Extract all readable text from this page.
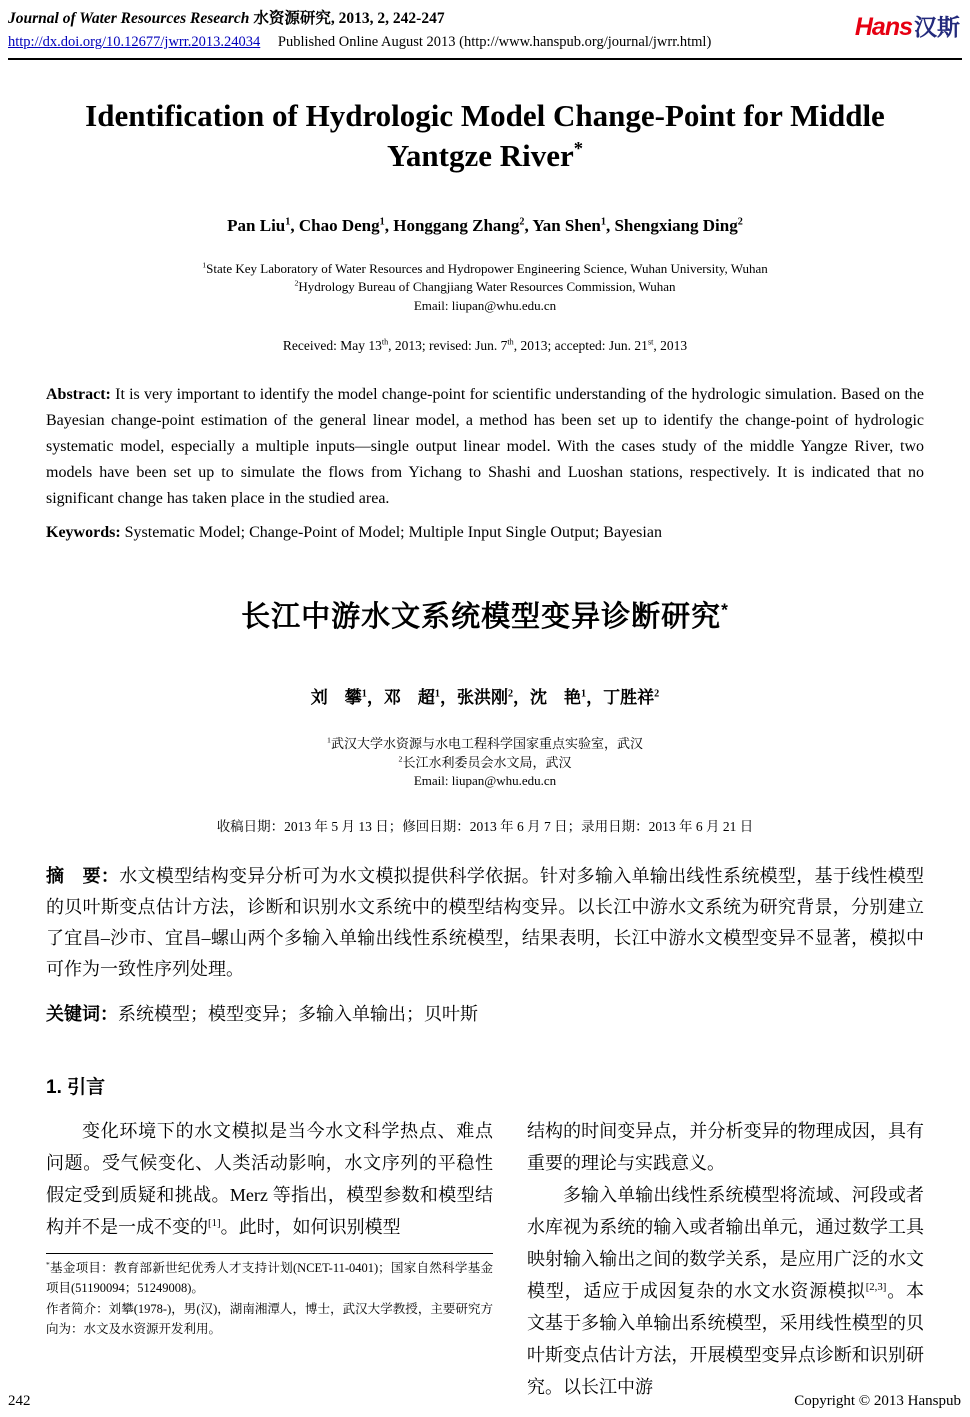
Journal of Water Resources Research 水资源研究, 2013, 2, 242-247
http://dx.doi.org/10.12677/jwrr.2013.24034 Published Online August 2013 (http://www.hanspub.org/journal/jwrr.html)
Hans汉斯
Identification of Hydrologic Model Change-Point for Middle Yantgze River*

Pan Liu$^1$, Chao Deng$^1$, Honggang Zhang$^2$, Yan Shen$^1$, Shengxiang Ding$^2$

$^1$State Key Laboratory of Water Resources and Hydropower Engineering Science, Wuhan University, Wuhan

$^2$Hydrology Bureau of Changjiang Water Resources Commission, Wuhan

Email: liupan@whu.edu.cn

Received: May 13th, 2013; revised: Jun. 7th, 2013; accepted: Jun. 21st, 2013

Abstract: It is very important to identify the model change-point for scientific understanding of the hydrologic simulation. Based on the Bayesian change-point estimation of the general linear model, a method has been set up to identify the change-point of hydrologic systematic model, especially a multiple inputs—single output linear model. With the cases study of the middle Yangze River, two models have been set up to simulate the flows from Yichang to Shashi and Luoshan stations, respectively. It is indicated that no significant change has taken place in the studied area.

Keywords: Systematic Model; Change-Point of Model; Multiple Input Single Output; Bayesian

长江中游水文系统模型变异诊断研究*

刘　攀$^1$，邓　超$^1$，张洪刚$^2$，沈　艳$^1$，丁胜祥$^2$

$^1$武汉大学水资源与水电工程科学国家重点实验室，武汉

$^2$长江水利委员会水文局，武汉

Email: liupan@whu.edu.cn

收稿日期：2013 年 5 月 13 日；修回日期：2013 年 6 月 7 日；录用日期：2013 年 6 月 21 日

摘　要：水文模型结构变异分析可为水文模拟提供科学依据。针对多输入单输出线性系统模型，基于线性模型的贝叶斯变点估计方法，诊断和识别水文系统中的模型结构变异。以长江中游水文系统为研究背景，分别建立了宜昌–沙市、宜昌–螺山两个多输入单输出线性系统模型，结果表明，长江中游水文模型变异不显著，模拟中可作为一致性序列处理。

关键词：系统模型；模型变异；多输入单输出；贝叶斯

1. 引言

变化环境下的水文模拟是当今水文科学热点、难点问题。受气候变化、人类活动影响，水文序列的平稳性假定受到质疑和挑战。Merz 等指出，模型参数和模型结构并不是一成不变的[1]。此时，如何识别模型

*基金项目：教育部新世纪优秀人才支持计划(NCET-11-0401)；国家自然科学基金项目(51190094；51249008)。

作者简介：刘攀(1978-)，男(汉)，湖南湘潭人，博士，武汉大学教授，主要研究方向为：水文及水资源开发利用。

结构的时间变异点，并分析变异的物理成因，具有重要的理论与实践意义。

多输入单输出线性系统模型将流域、河段或者水库视为系统的输入或者输出单元，通过数学工具映射输入输出之间的数学关系，是应用广泛的水文模型，适应于成因复杂的水文水资源模拟[2,3]。本文基于多输入单输出系统模型，采用线性模型的贝叶斯变点估计方法，开展模型变异点诊断和识别研究。以长江中游

242	Copyright © 2013 Hanspub
